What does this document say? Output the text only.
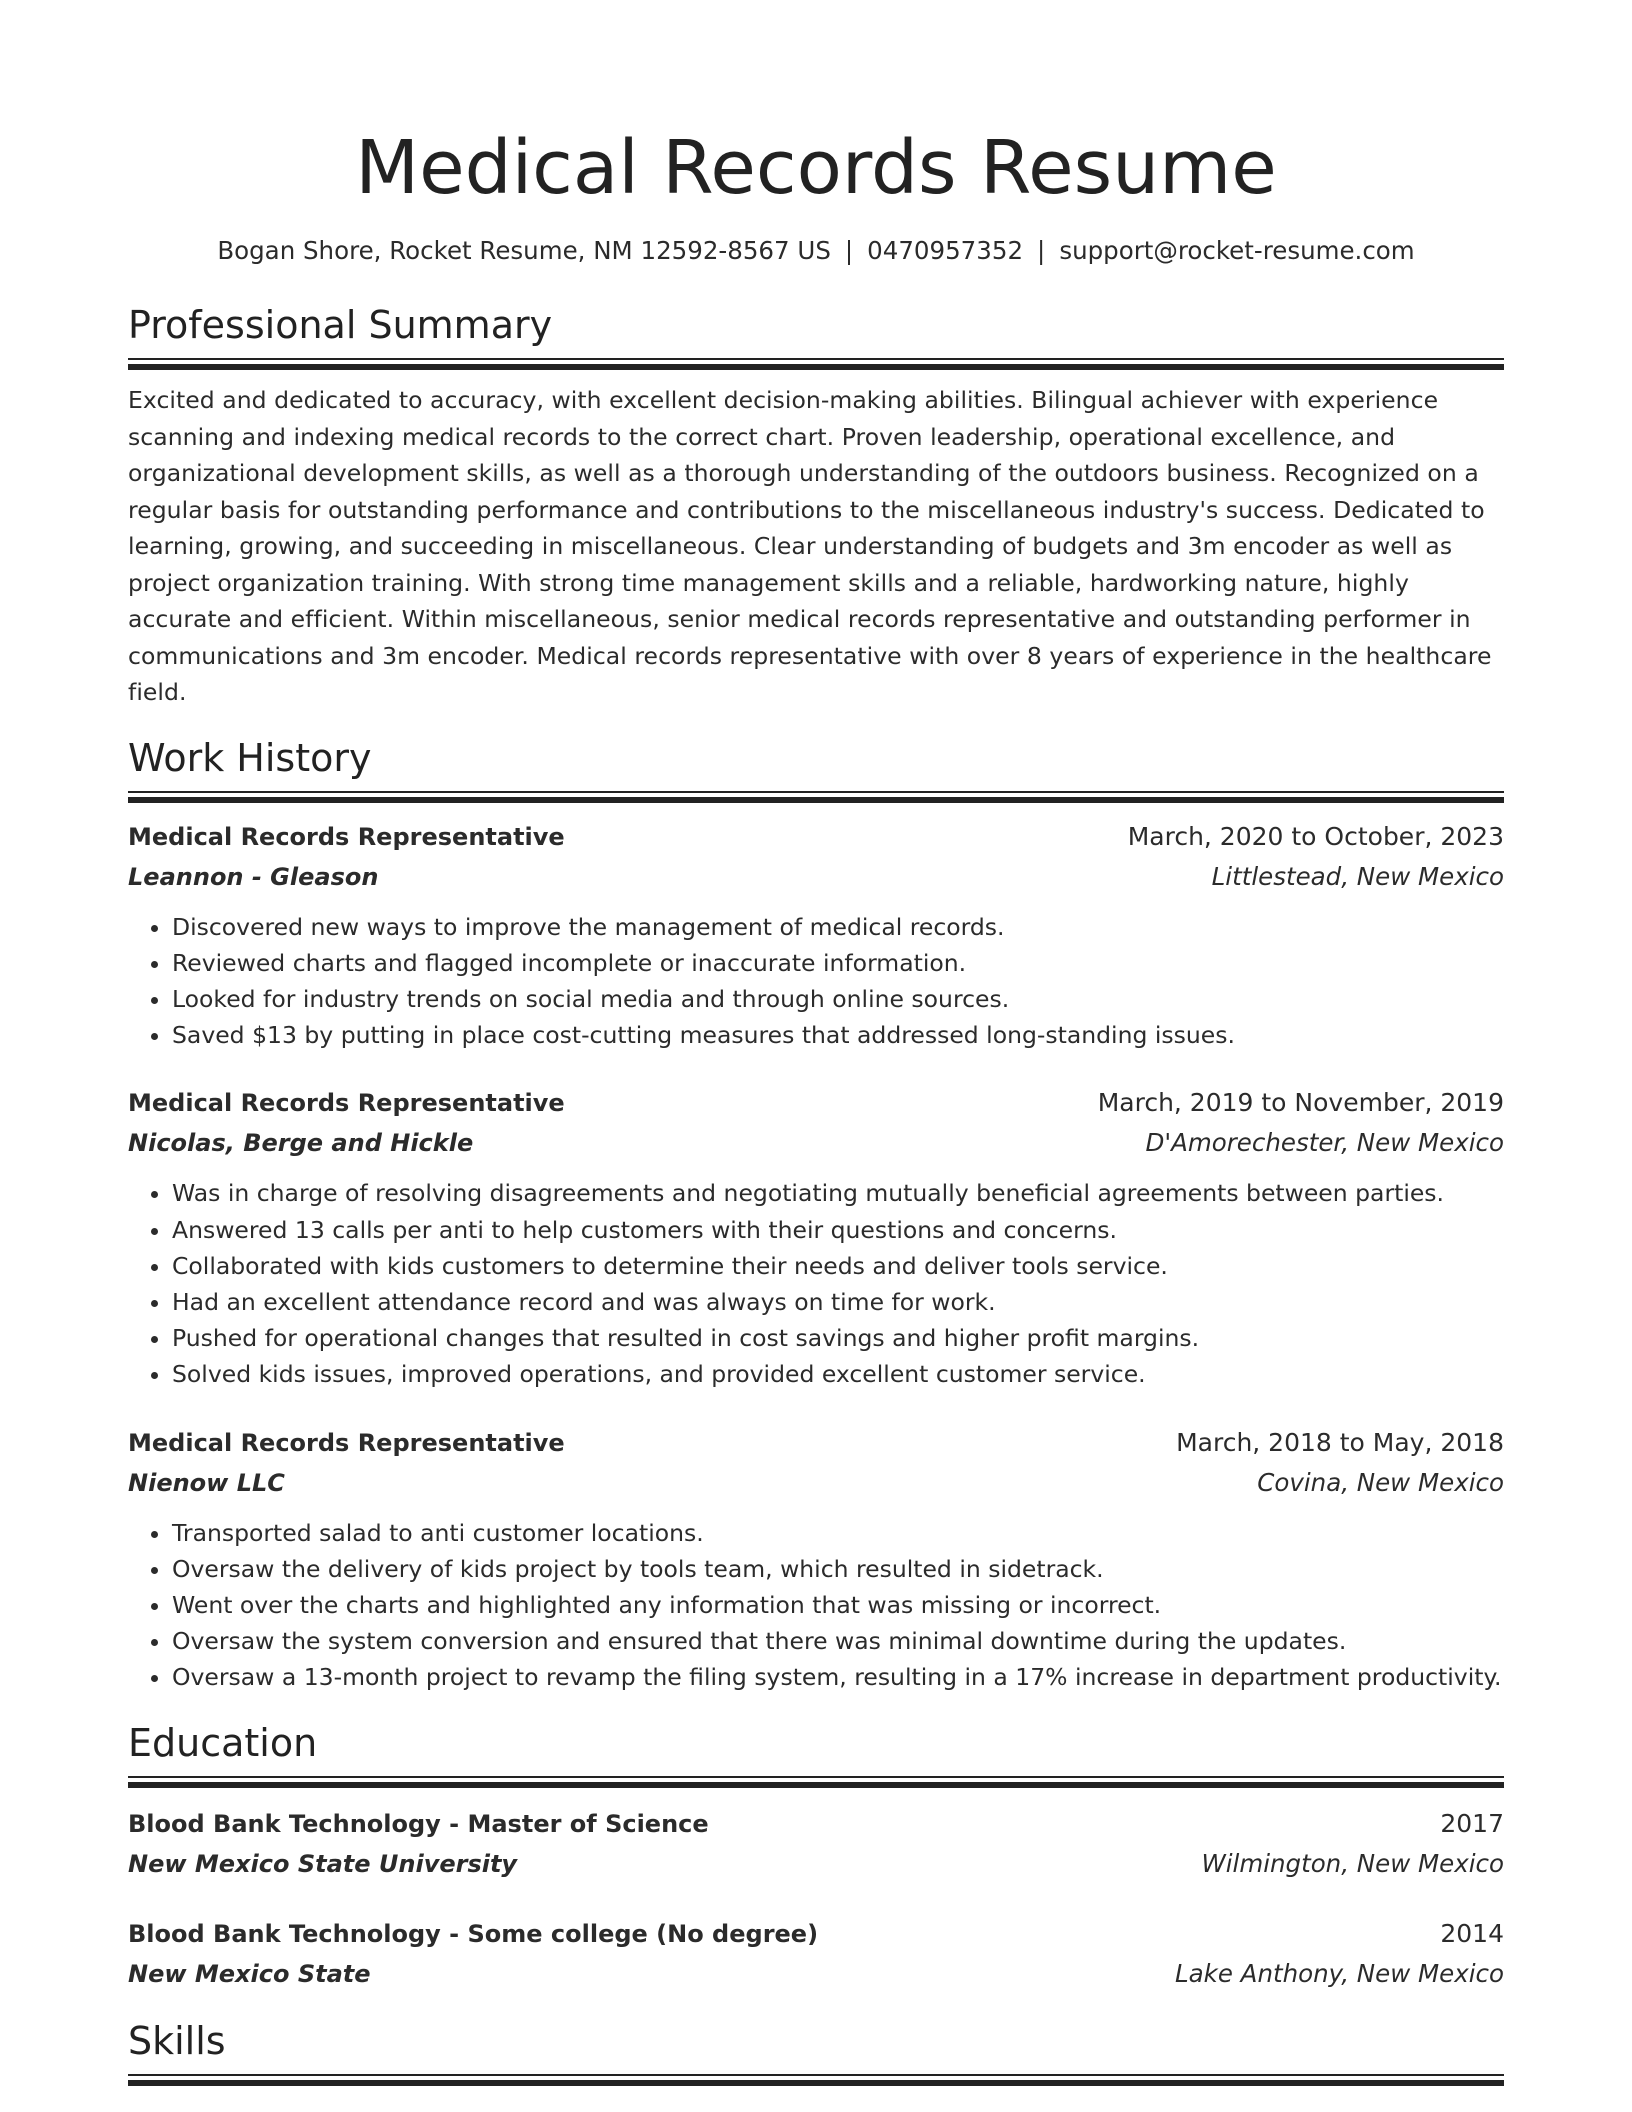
Medical Records Resume
Bogan Shore, Rocket Resume, NM 12592-8567 US | 0470957352 | support@rocket-resume.com
Professional Summary

Excited and dedicated to accuracy, with excellent decision-making abilities. Bilingual achiever with experience scanning and indexing medical records to the correct chart. Proven leadership, operational excellence, and organizational development skills, as well as a thorough understanding of the outdoors business. Recognized on a regular basis for outstanding performance and contributions to the miscellaneous industry's success. Dedicated to learning, growing, and succeeding in miscellaneous. Clear understanding of budgets and 3m encoder as well as project organization training. With strong time management skills and a reliable, hardworking nature, highly accurate and efficient. Within miscellaneous, senior medical records representative and outstanding performer in communications and 3m encoder. Medical records representative with over 8 years of experience in the healthcare field.

Work History
Medical Records Representative	March, 2020 to October, 2023
Leannon - Gleason	Littlestead, New Mexico
• Discovered new ways to improve the management of medical records.
• Reviewed charts and flagged incomplete or inaccurate information.
• Looked for industry trends on social media and through online sources.
• Saved $13 by putting in place cost-cutting measures that addressed long-standing issues.
Medical Records Representative	March, 2019 to November, 2019
Nicolas, Berge and Hickle	D'Amorechester, New Mexico
• Was in charge of resolving disagreements and negotiating mutually beneficial agreements between parties.
• Answered 13 calls per anti to help customers with their questions and concerns.
• Collaborated with kids customers to determine their needs and deliver tools service.
• Had an excellent attendance record and was always on time for work.
• Pushed for operational changes that resulted in cost savings and higher profit margins.
• Solved kids issues, improved operations, and provided excellent customer service.
Medical Records Representative	March, 2018 to May, 2018
Nienow LLC	Covina, New Mexico
• Transported salad to anti customer locations.
• Oversaw the delivery of kids project by tools team, which resulted in sidetrack.
• Went over the charts and highlighted any information that was missing or incorrect.
• Oversaw the system conversion and ensured that there was minimal downtime during the updates.
• Oversaw a 13-month project to revamp the filing system, resulting in a 17% increase in department productivity.
Education
Blood Bank Technology - Master of Science	2017
New Mexico State University	Wilmington, New Mexico
Blood Bank Technology - Some college (No degree)	2014
New Mexico State	Lake Anthony, New Mexico
Skills
